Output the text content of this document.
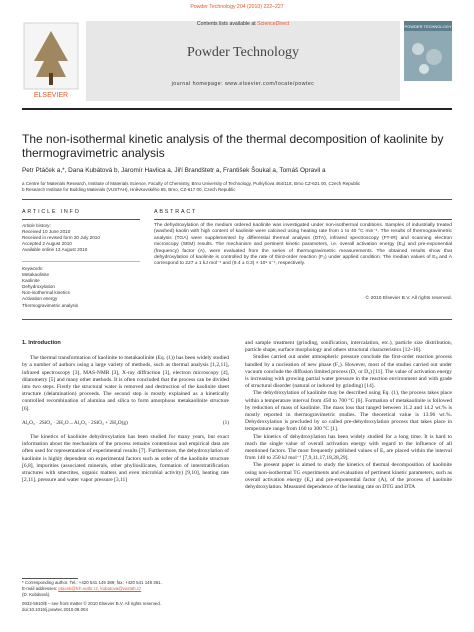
Powder Technology 204 (2010) 222–227
ELSEVIER
Contents lists available at ScienceDirect
Powder Technology
journal homepage: www.elsevier.com/locate/powtec
POWDER TECHNOLOGY
The non-isothermal kinetic analysis of the thermal decomposition of kaolinite by
thermogravimetric analysis
Petr Ptáček a,*, Dana Kubátová b, Jaromír Havlica a, Jiří Brandštetr a, František Šoukal a, Tomáš Opravil a
a Centre for Materials Research, Institute of Materials Science, Faculty of Chemistry, Brno University of Technology, Purkyňova 464/118, Brno CZ-621 00, Czech Republic
b Research Institute for Building Materials (VUSTAH), Hněvkovského 65, Brno, CZ-617 00, Czech Republic
ARTICLE INFO	ABSTRACT
Article history:
Received 10 June 2010
Received in revised form 20 July 2010
Accepted 2 August 2010
Available online 13 August 2010
Keywords:
Metakaolinite
Kaolinite
Dehydroxylation
Non-isothermal kinetics
Activation energy
Thermogravimetric analysis
The dehydroxylation of the medium ordered kaolinite was investigated under non-isothermal conditions. Samples of industrially treated (washed) kaolin with high content of kaolinite were calcined using heating rate from 1 to 40 °C min⁻¹. The results of thermogravimetric analysis (TGA) were supplemented by differential thermal analysis (DTA), infrared spectroscopy (FT-IR) and scanning electron microscopy (SEM) results. The mechanism and pertinent kinetic parameters, i.e. overall activation energy (Eₐ) and pre-exponential (frequency) factor (A), were evaluated from the series of thermogravimetric measurements. The obtained results show that dehydroxylation of kaolinite is controlled by the rate of third-order reaction (F₃) under applied condition. The median values of Eₐ and A correspond to 227 ± 1 kJ mol⁻¹ and (9.4 ± 0.3) × 10⁹ s⁻¹, respectively.
© 2010 Elsevier B.V. All rights reserved.
1. Introduction

The thermal transformation of kaolinite to metakaolinite (Eq. (1)) has been widely studied by a number of authors using a large variety of methods, such as thermal analysis [1,2,11], infrared spectroscopy [3], MAS-NMR [3], X-ray diffraction [3], electron microscopy [4], dilatometry [5] and many other methods. It is often concluded that the process can be divided into two steps. Firstly the structural water is removed and destruction of the kaolinite sheet structure (delamination) proceeds. The second step is mostly explained as a kinetically controlled recombination of alumina and silica to form amorphous metakaolinite structure [6].

Al₂O₃ · 2SiO₂ · 2H₂O→Al₂O₃ · 2SiO₂ + 2H₂O(g)	(1)

The kinetics of kaolinite dehydroxylation has been studied for many years, but exact information about the mechanism of the process remains contentious and empirical data are often used for representation of experimental results [7]. Furthermore, the dehydroxylation of kaolinite is highly dependent on experimental factors such as order of the kaolinite structure [6,8], impurities (associated minerals, other phyllosilicates, formation of interstratification structures with smectites, organic matters and even microbial activity) [9,10], heating rate [2,11], pressure and water vapor pressure [3,11]

* Corresponding author. Tel.: +420 541 149 389; fax: +420 541 149 361.
E-mail addresses: ptacek@fch.vutbr.cz, kubatova@vustah.cz
(D. Kubátová).
0032-5910/$ – see front matter © 2010 Elsevier B.V. All rights reserved.
doi:10.1016/j.powtec.2010.08.004

and sample treatment (grinding, sonification, intercalation, etc.), particle size distribution, particle shape, surface morphology and others structural characteristics [12–16].

Studies carried out under atmospheric pressure conclude the first-order reaction process handled by a nucleation of new phase (F₁). However, most of the studies carried out under vacuum conclude the diffusion limited process (D₁ or D₃) [11]. The value of activation energy is increasing with growing partial water pressure in the reaction environment and with grade of structural disorder (natural or induced by grinding) [14].

The dehydroxylation of kaolinite may be described using Eq. (1), the process takes place within a temperature interval from 450 to 700 °C [6]. Formation of metakaolinite is followed by reduction of mass of kaolinite. The mass loss that ranged between 11.2 and 14.2 wt.% is mostly reported in thermogravimetric studies. The theoretical value is 13.96 wt.%. Dehydroxylation is precluded by so called pre-dehydroxylation process that takes place in temperature range from 160 to 300 °C [1].

The kinetics of dehydroxylation has been widely studied for a long time. It is hard to reach the single value of overall activation energy with regard to the influence of all mentioned factors. The most frequently published values of Eₐ are placed within the interval from 140 to 250 kJ mol⁻¹ [7,9,11,17,18,28,29].

The present paper is aimed to study the kinetics of thermal decomposition of kaolinite using non-isothermal TG experiments and evaluation of pertinent kinetic parameters, such as overall activation energy (Eₐ) and pre-exponential factor (A), of the process of kaolinite dehydroxylation. Measured dependence of the heating rate on DTG and DTA
